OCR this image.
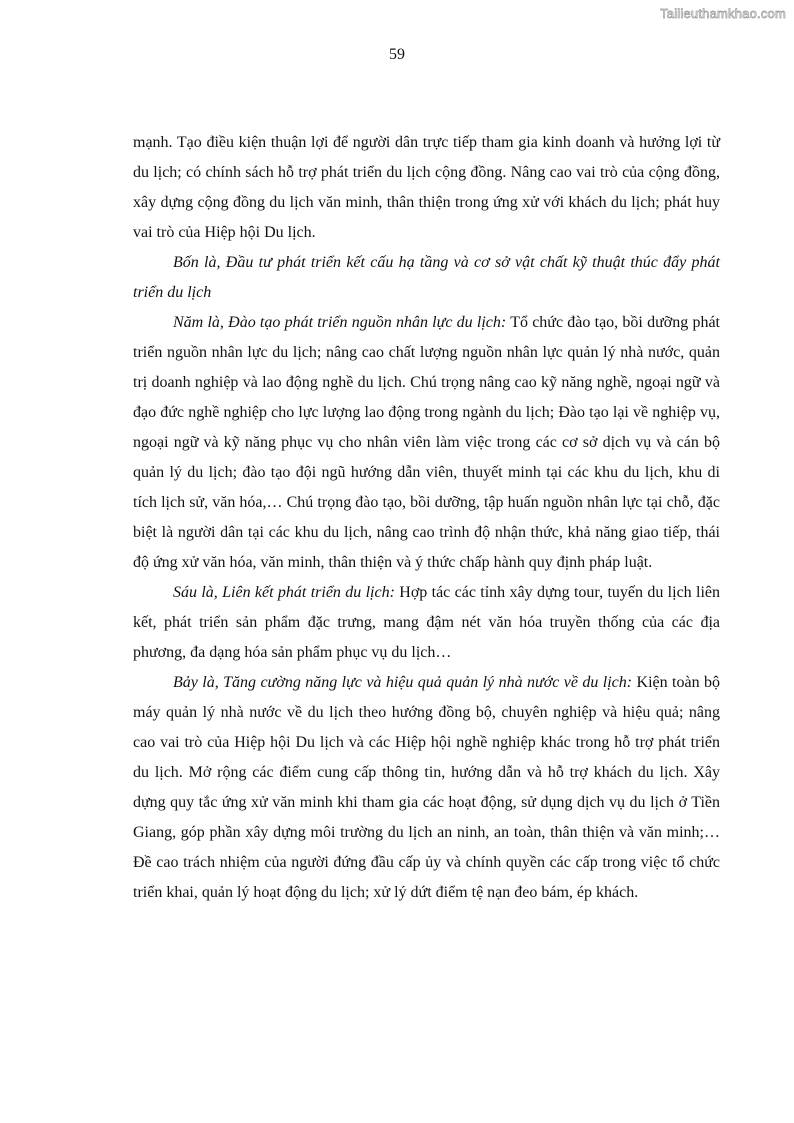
Tailieuthamkhao.com
59

mạnh. Tạo điều kiện thuận lợi để người dân trực tiếp tham gia kinh doanh và hưởng lợi từ du lịch; có chính sách hỗ trợ phát triển du lịch cộng đồng. Nâng cao vai trò của cộng đồng, xây dựng cộng đồng du lịch văn minh, thân thiện trong ứng xử với khách du lịch; phát huy vai trò của Hiệp hội Du lịch.

Bốn là, Đầu tư phát triển kết cấu hạ tầng và cơ sở vật chất kỹ thuật thúc đẩy phát triển du lịch

Năm là, Đào tạo phát triển nguồn nhân lực du lịch: Tổ chức đào tạo, bồi dưỡng phát triển nguồn nhân lực du lịch; nâng cao chất lượng nguồn nhân lực quản lý nhà nước, quản trị doanh nghiệp và lao động nghề du lịch. Chú trọng nâng cao kỹ năng nghề, ngoại ngữ và đạo đức nghề nghiệp cho lực lượng lao động trong ngành du lịch; Đào tạo lại về nghiệp vụ, ngoại ngữ và kỹ năng phục vụ cho nhân viên làm việc trong các cơ sở dịch vụ và cán bộ quản lý du lịch; đào tạo đội ngũ hướng dẫn viên, thuyết minh tại các khu du lịch, khu di tích lịch sử, văn hóa,… Chú trọng đào tạo, bồi dưỡng, tập huấn nguồn nhân lực tại chỗ, đặc biệt là người dân tại các khu du lịch, nâng cao trình độ nhận thức, khả năng giao tiếp, thái độ ứng xử văn hóa, văn minh, thân thiện và ý thức chấp hành quy định pháp luật.

Sáu là, Liên kết phát triển du lịch: Hợp tác các tỉnh xây dựng tour, tuyến du lịch liên kết, phát triển sản phẩm đặc trưng, mang đậm nét văn hóa truyền thống của các địa phương, đa dạng hóa sản phẩm phục vụ du lịch…

Bảy là, Tăng cường năng lực và hiệu quả quản lý nhà nước về du lịch: Kiện toàn bộ máy quản lý nhà nước về du lịch theo hướng đồng bộ, chuyên nghiệp và hiệu quả; nâng cao vai trò của Hiệp hội Du lịch và các Hiệp hội nghề nghiệp khác trong hỗ trợ phát triển du lịch. Mở rộng các điểm cung cấp thông tin, hướng dẫn và hỗ trợ khách du lịch. Xây dựng quy tắc ứng xử văn minh khi tham gia các hoạt động, sử dụng dịch vụ du lịch ở Tiền Giang, góp phần xây dựng môi trường du lịch an ninh, an toàn, thân thiện và văn minh;… Đề cao trách nhiệm của người đứng đầu cấp ủy và chính quyền các cấp trong việc tổ chức triển khai, quản lý hoạt động du lịch; xử lý dứt điểm tệ nạn đeo bám, ép khách.
